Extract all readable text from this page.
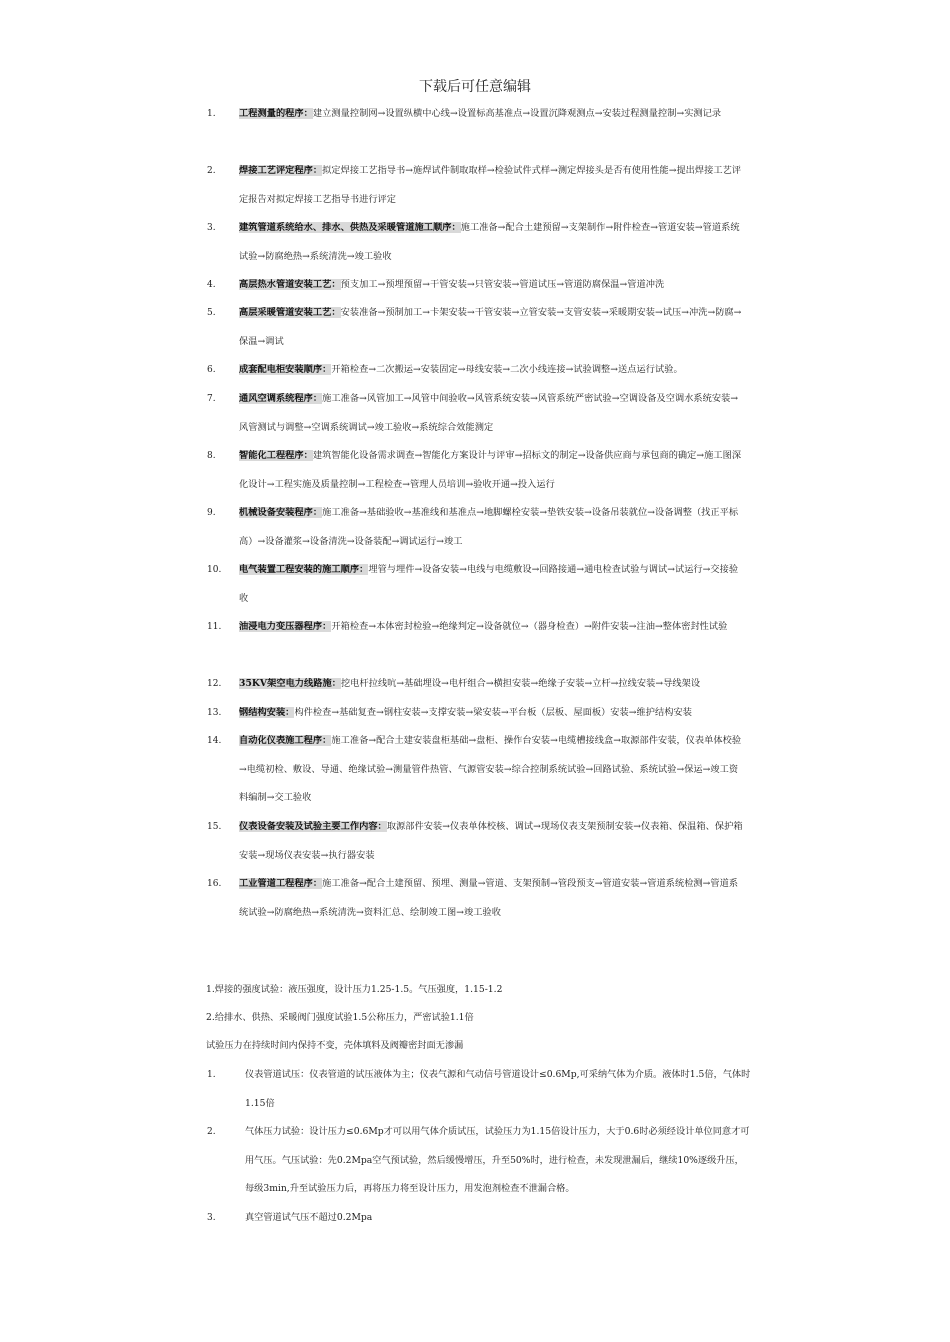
下载后可任意编辑
1.	工程测量的程序：建立测量控制网→设置纵横中心线→设置标高基准点→设置沉降观测点→安装过程测量控制→实测记录
2.	焊接工艺评定程序：拟定焊接工艺指导书→施焊试件制取取样→检验试件式样→测定焊接头是否有使用性能→提出焊接工艺评定报告对拟定焊接工艺指导书进行评定
3.	建筑管道系统给水、排水、供热及采暖管道施工顺序：施工准备→配合土建预留→支架制作→附件检查→管道安装→管道系统试验→防腐绝热→系统清洗→竣工验收
4.	高层热水管道安装工艺：预支加工→预埋预留→干管安装→只管安装→管道试压→管道防腐保温→管道冲洗
5.	高层采暖管道安装工艺：安装准备→预制加工→卡架安装→干管安装→立管安装→支管安装→采暖期安装→试压→冲洗→防腐→保温→调试
6.	成套配电柜安装顺序：开箱检查→二次搬运→安装固定→母线安装→二次小线连接→试验调整→送点运行试验。
7.	通风空调系统程序：施工准备→风管加工→风管中间验收→风管系统安装→风管系统严密试验→空调设备及空调水系统安装→风管测试与调整→空调系统调试→竣工验收→系统综合效能测定
8.	智能化工程程序：建筑智能化设备需求调查→智能化方案设计与评审→招标文的制定→设备供应商与承包商的确定→施工图深化设计→工程实施及质量控制→工程检查→管理人员培训→验收开通→投入运行
9.	机械设备安装程序：施工准备→基础验收→基准线和基准点→地脚螺栓安装→垫铁安装→设备吊装就位→设备调整（找正平标高）→设备灌浆→设备清洗→设备装配→调试运行→竣工
10. 电气装置工程安装的施工顺序：埋管与埋件→设备安装→电线与电缆敷设→回路接通→通电检查试验与调试→试运行→交接验收
11. 油浸电力变压器程序：开箱检查→本体密封检验→绝缘判定→设备就位→（器身检查）→附件安装→注油→整体密封性试验
12. 35KV架空电力线路施：挖电杆拉线吭→基础埋设→电杆组合→横担安装→绝缘子安装→立杆→拉线安装→导线架设
13. 钢结构安装：构件检查→基础复查→钢柱安装→支撑安装→梁安装→平台板（层板、屋面板）安装→维护结构安装
14. 自动化仪表施工程序：施工准备→配合土建安装盘柜基础→盘柜、操作台安装→电缆槽接线盒→取源部件安装，仪表单体校验→电缆初检、敷设、导通、绝缘试验→测量管件热管、气源管安装→综合控制系统试验→回路试验、系统试验→保运→竣工资料编制→交工验收
15. 仪表设备安装及试验主要工作内容：取源部件安装→仪表单体校核、调试→现场仪表支架预制安装→仪表箱、保温箱、保护箱安装→现场仪表安装→执行器安装
16. 工业管道工程程序：施工准备→配合土建预留、预埋、测量→管道、支架预制→管段预支→管道安装→管道系统检测→管道系统试验→防腐绝热→系统清洗→资料汇总、绘制竣工图→竣工验收
1.焊接的强度试验：液压强度，设计压力1.25-1.5。气压强度，1.15-1.2
2.给排水、供热、采暖阀门强度试验1.5公称压力，严密试验1.1倍
试验压力在持续时间内保持不变，壳体填料及阀瓣密封面无渗漏
1.	仪表管道试压：仪表管道的试压液体为主；仪表气源和气动信号管道设计≤0.6Mp,可采纳气体为介质。液体时1.5倍，气体时1.15倍
2.	气体压力试验：设计压力≤0.6Mp才可以用气体介质试压，试验压力为1.15倍设计压力，大于0.6时必须经设计单位同意才可用气压。气压试验：先0.2Mpa空气预试验，然后缓慢增压，升至50%时，进行检查，未发现泄漏后，继续10%逐级升压，每级3min,升至试验压力后，再将压力将至设计压力，用发泡剂检查不泄漏合格。
3.	真空管道试气压不超过0.2Mpa
